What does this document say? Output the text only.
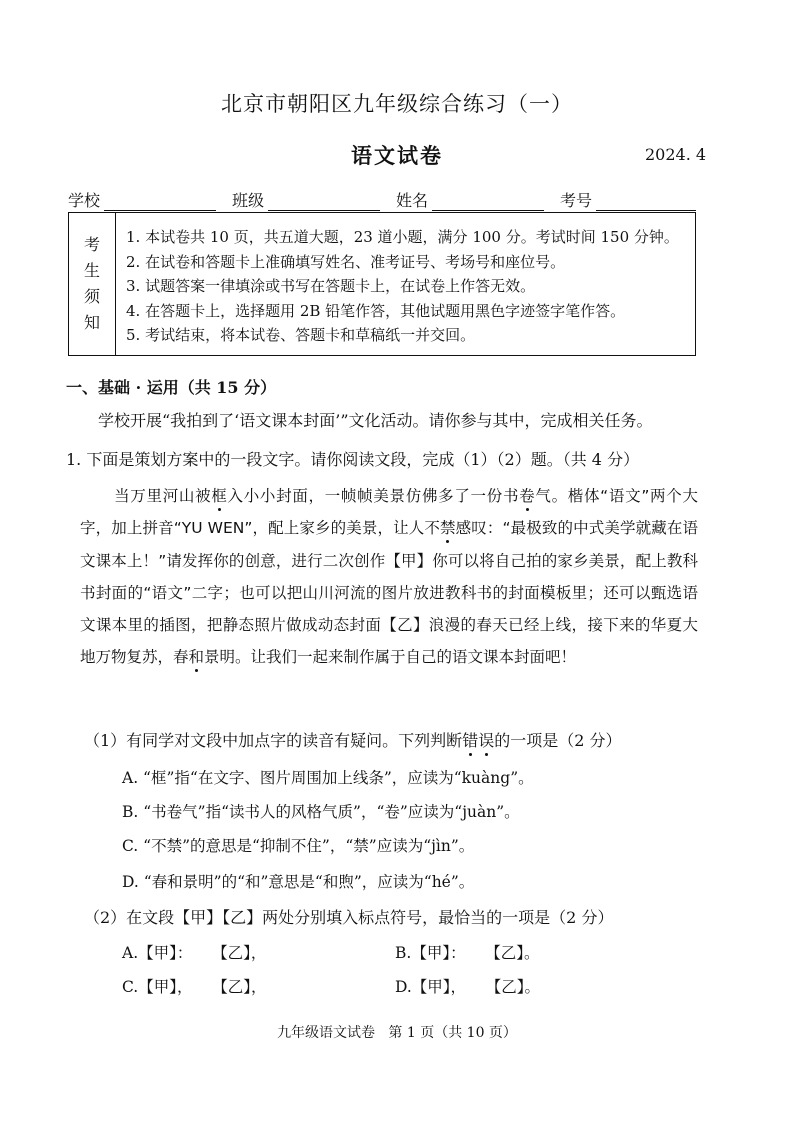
北京市朝阳区九年级综合练习（一）
语文试卷	2024. 4
学校	班级	姓名	考号
考
生
须
知
1. 本试卷共 10 页，共五道大题，23 道小题，满分 100 分。考试时间 150 分钟。
2. 在试卷和答题卡上准确填写姓名、准考证号、考场号和座位号。
3. 试题答案一律填涂或书写在答题卡上，在试卷上作答无效。
4. 在答题卡上，选择题用 2B 铅笔作答，其他试题用黑色字迹签字笔作答。
5. 考试结束，将本试卷、答题卡和草稿纸一并交回。
一、基础 · 运用（共 15 分）
学校开展“我拍到了‘语文课本封面’”文化活动。请你参与其中，完成相关任务。
1. 下面是策划方案中的一段文字。请你阅读文段，完成（1）（2）题。（共 4 分）
当万里河山被框入小小封面，一帧帧美景仿佛多了一份书卷气。楷体“语文”两个大字，加上拼音“YU WEN”，配上家乡的美景，让人不禁感叹：“最极致的中式美学就藏在语文课本上！”请发挥你的创意，进行二次创作【甲】你可以将自己拍的家乡美景，配上教科书封面的“语文”二字；也可以把山川河流的图片放进教科书的封面模板里；还可以甄选语文课本里的插图，把静态照片做成动态封面【乙】浪漫的春天已经上线，接下来的华夏大地万物复苏，春和景明。让我们一起来制作属于自己的语文课本封面吧！
（1）有同学对文段中加点字的读音有疑问。下列判断错误的一项是（2 分）
A. “框”指“在文字、图片周围加上线条”，应读为“kuàng”。
B. “书卷气”指“读书人的风格气质”，“卷”应读为“juàn”。
C. “不禁”的意思是“抑制不住”，“禁”应读为“jìn”。
D. “春和景明”的“和”意思是“和煦”，应读为“hé”。
（2）在文段【甲】【乙】两处分别填入标点符号，最恰当的一项是（2 分）
A.【甲】：    【乙】，	B.【甲】：    【乙】。
C.【甲】，    【乙】，	D.【甲】，    【乙】。
九年级语文试卷   第 1 页（共 10 页）
